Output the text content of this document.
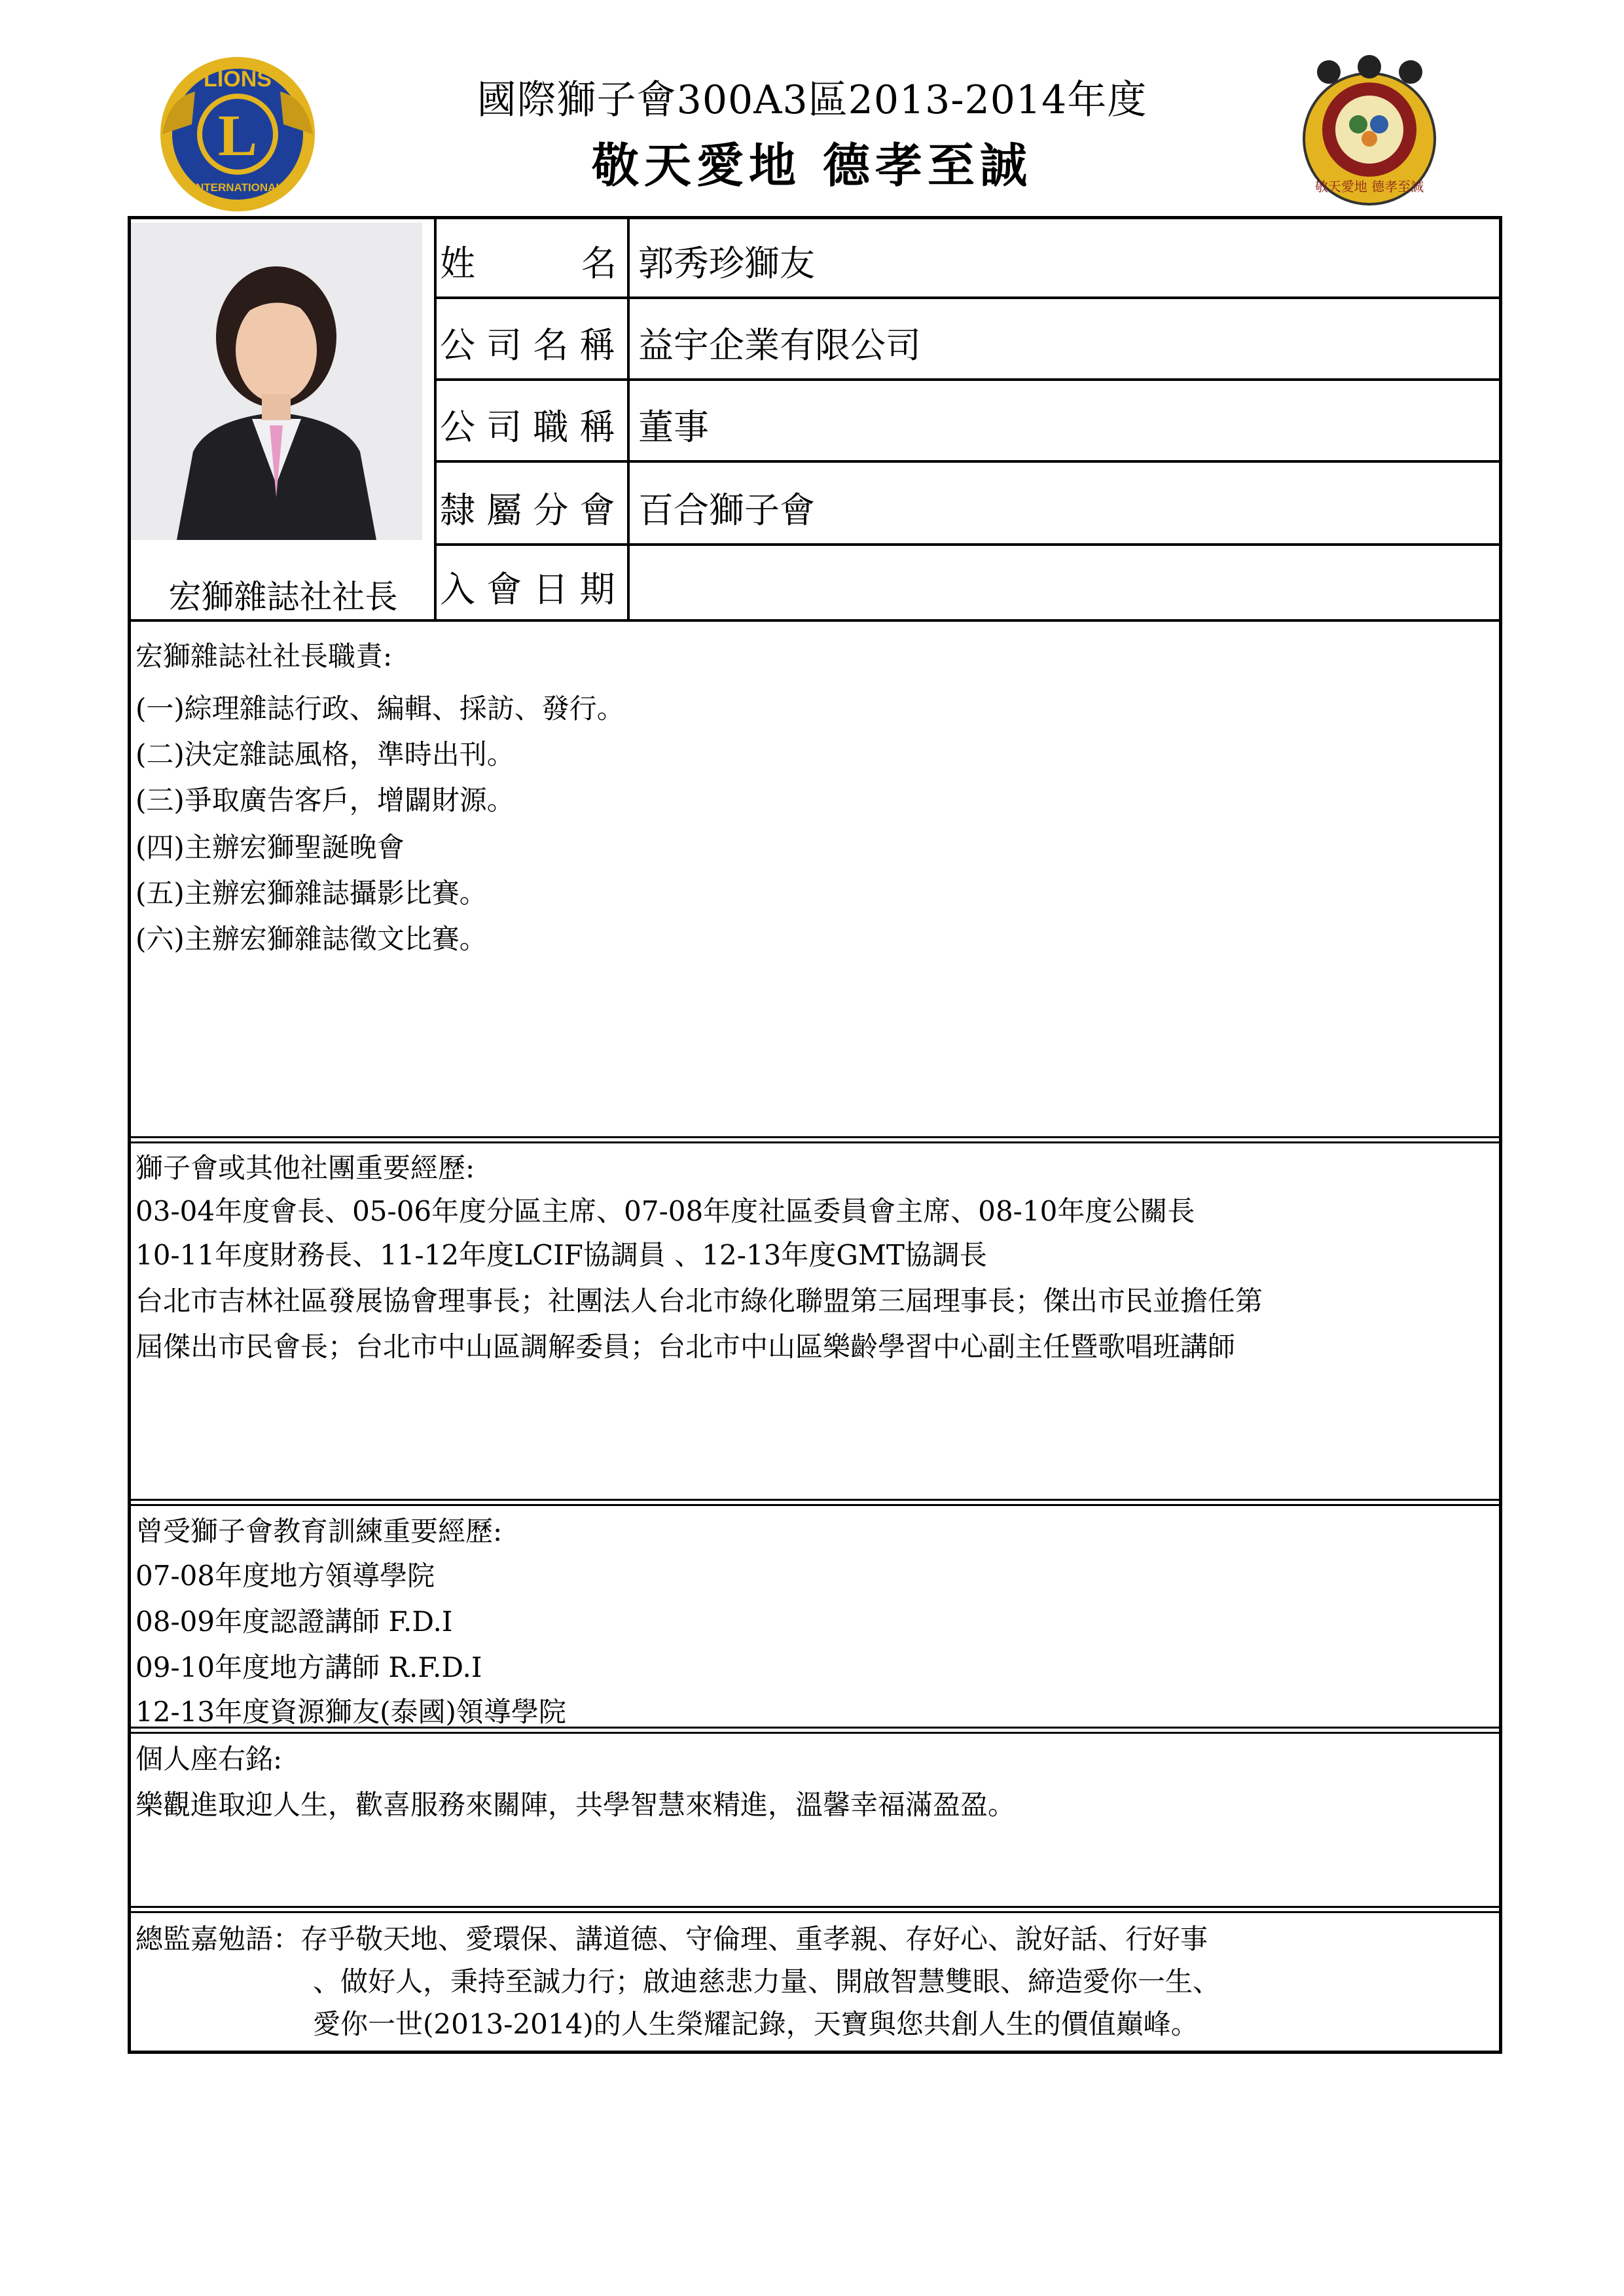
L
LIONS
INTERNATIONAL	敬天愛地 德孝至誠
國際獅子會300A3區2013-2014年度
敬天愛地 德孝至誠
宏獅雜誌社社長
姓	名
公 司 名 稱
公 司 職 稱
隸 屬 分 會
入 會 日 期
郭秀珍獅友
益宇企業有限公司
董事
百合獅子會
宏獅雜誌社社長職責:
(一)綜理雜誌行政、編輯、採訪、發行。
(二)決定雜誌風格，準時出刊。
(三)爭取廣告客戶，增闢財源。
(四)主辦宏獅聖誕晚會
(五)主辦宏獅雜誌攝影比賽。
(六)主辦宏獅雜誌徵文比賽。
獅子會或其他社團重要經歷:
03-04年度會長、05-06年度分區主席、07-08年度社區委員會主席、08-10年度公關長
10-11年度財務長、11-12年度LCIF協調員 、12-13年度GMT協調長
台北市吉林社區發展協會理事長；社團法人台北市綠化聯盟第三屆理事長；傑出市民並擔任第
屆傑出市民會長；台北市中山區調解委員；台北市中山區樂齡學習中心副主任暨歌唱班講師
曾受獅子會教育訓練重要經歷:
07-08年度地方領導學院
08-09年度認證講師 F.D.I
09-10年度地方講師 R.F.D.I
12-13年度資源獅友(泰國)領導學院
個人座右銘:
樂觀進取迎人生，歡喜服務來關陣，共學智慧來精進，溫馨幸福滿盈盈。
總監嘉勉語：存乎敬天地、愛環保、講道德、守倫理、重孝親、存好心、說好話、行好事
、做好人，秉持至誠力行；啟迪慈悲力量、開啟智慧雙眼、締造愛你一生、
愛你一世(2013-2014)的人生榮耀記錄，天寶與您共創人生的價值巔峰。
